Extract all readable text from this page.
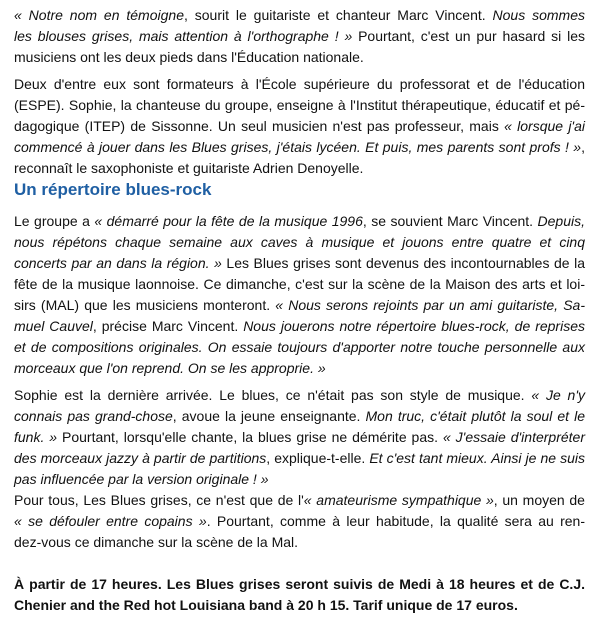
« Notre nom en témoigne, sourit le guitariste et chanteur Marc Vincent. Nous sommes
les blouses grises, mais attention à l'orthographe ! » Pourtant, c'est un pur hasard si les
musiciens ont les deux pieds dans l'Éducation nationale.

Deux d'entre eux sont formateurs à l'École supérieure du professorat et de l'éducation
(ESPE). Sophie, la chanteuse du groupe, enseigne à l'Institut thérapeutique, éducatif et pé-
dagogique (ITEP) de Sissonne. Un seul musicien n'est pas professeur, mais « lorsque j'ai
commencé à jouer dans les Blues grises, j'étais lycéen. Et puis, mes parents sont profs ! »,
reconnaît le saxophoniste et guitariste Adrien Denoyelle.

Un répertoire blues-rock

Le groupe a « démarré pour la fête de la musique 1996, se souvient Marc Vincent. Depuis,
nous répétons chaque semaine aux caves à musique et jouons entre quatre et cinq
concerts par an dans la région. » Les Blues grises sont devenus des incontournables de la
fête de la musique laonnoise. Ce dimanche, c'est sur la scène de la Maison des arts et loi-
sirs (MAL) que les musiciens monteront. « Nous serons rejoints par un ami guitariste, Sa-
muel Cauvel, précise Marc Vincent. Nous jouerons notre répertoire blues-rock, de reprises
et de compositions originales. On essaie toujours d'apporter notre touche personnelle aux
morceaux que l'on reprend. On se les approprie. »

Sophie est la dernière arrivée. Le blues, ce n'était pas son style de musique. « Je n'y
connais pas grand-chose, avoue la jeune enseignante. Mon truc, c'était plutôt la soul et le
funk. » Pourtant, lorsqu'elle chante, la blues grise ne démérite pas. « J'essaie d'interpréter
des morceaux jazzy à partir de partitions, explique-t-elle. Et c'est tant mieux. Ainsi je ne suis
pas influencée par la version originale ! »

Pour tous, Les Blues grises, ce n'est que de l'« amateurisme sympathique », un moyen de
« se défouler entre copains ». Pourtant, comme à leur habitude, la qualité sera au ren-
dez-vous ce dimanche sur la scène de la Mal.

À partir de 17 heures. Les Blues grises seront suivis de Medi à 18 heures et de C.J.
Chenier and the Red hot Louisiana band à 20 h 15. Tarif unique de 17 euros.
